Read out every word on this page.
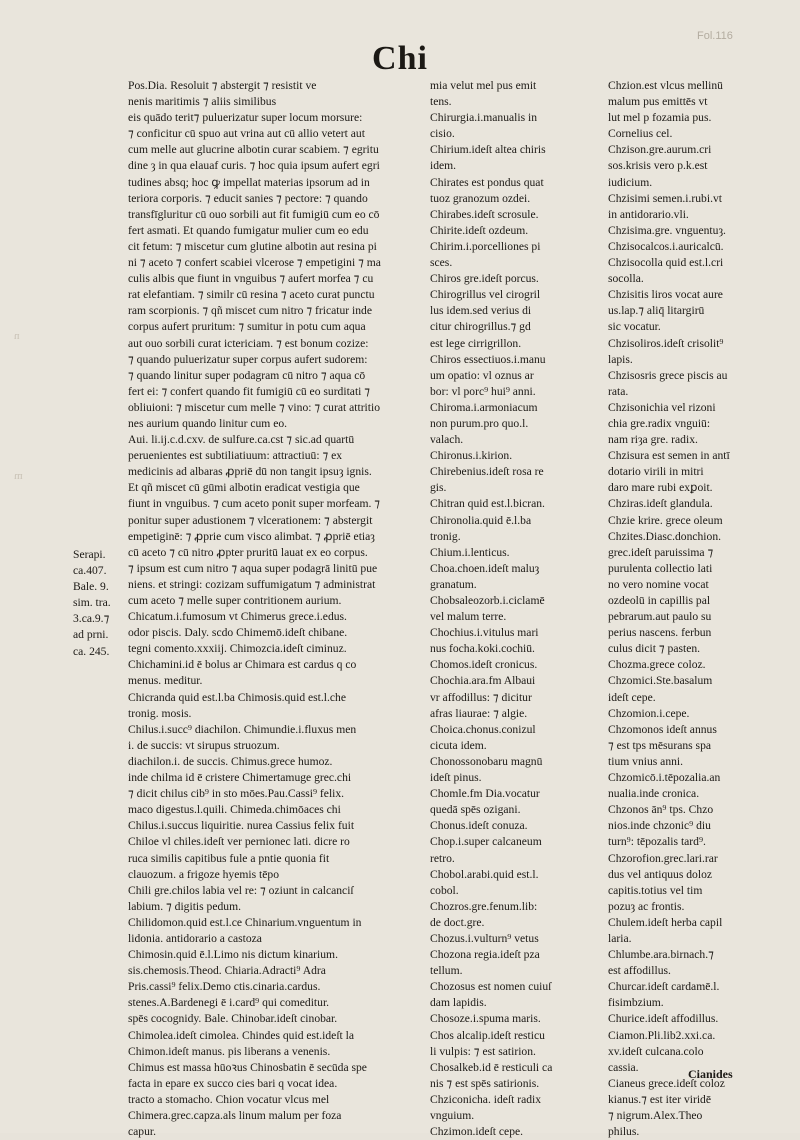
Fol.116
Chi
n
m
Pos.Dia. Resoluit ⁊ abstergit ⁊ resistit ve
nenis maritimis ⁊ aliis similibus
eis quādo terit⁊ puluerizatur super locum morsure:
⁊ conficitur cū spuo aut vrina aut cū allio vetert aut
cum melle aut glucrine albotin curar scabiem. ⁊ egritu
dine ȝ in qua elauaf curis. ⁊ hoc quia ipsum aufert egri
tudines absq; hoc ꝙ impellat materias ipsorum ad in
teriora corporis. ⁊ educit sanies ⁊ pectore: ⁊ quando
transfīgluritur cū ouo sorbili aut fit fumigiū cum eo cō
fert asmati. Et quando fumigatur mulier cum eo edu
cit fetum: ⁊ miscetur cum glutine albotin aut resina pi
ni ⁊ aceto ⁊ confert scabiei vlcerose ⁊ empetigini ⁊ ma
culis albis que fiunt in vnguibus ⁊ aufert morfea ⁊ cu
rat elefantiam. ⁊ similr cū resina ⁊ aceto curat punctu
ram scorpionis. ⁊ qñ miscet cum nitro ⁊ fricatur inde
corpus aufert pruritum: ⁊ sumitur in potu cum aqua
aut ouo sorbili curat ictericiam. ⁊ est bonum cozize:
⁊ quando puluerizatur super corpus aufert sudorem:
⁊ quando linitur super podagram cū nitro ⁊ aqua cō
fert ei: ⁊ confert quando fit fumigiū cū eo surditati ⁊
obliuioni: ⁊ miscetur cum melle ⁊ vino: ⁊ curat attritio
nes aurium quando linitur cum eo.
Aui. li.ij.c.d.cxv. de sulfure.ca.cst ⁊ sic.ad quartū
peruenientes est subtiliatiuum: attractiuū: ⁊ ex
medicinis ad albaras ꝓpriē dū non tangit ipsuȝ ignis.
Et qñ miscet cū gūmi albotin eradicat vestigia que
fiunt in vnguibus. ⁊ cum aceto ponit super morfeam. ⁊
ponitur super adustionem ⁊ vlcerationem: ⁊ abstergit
empetiginē: ⁊ ꝓprie cum visco alimbat. ⁊ ꝓpriē etiaȝ
cū aceto ⁊ cū nitro ꝓpter pruritū lauat ex eo corpus.
⁊ ipsum est cum nitro ⁊ aqua super podagrā linitū pue
niens. et stringi: cozizam suffumigatum ⁊ administrat
cum aceto ⁊ melle super contritionem aurium.
Chicatum.i.fumosum vt Chimerus grece.i.edus.
odor piscis. Daly. scdo Chimemō.ideſt chibane.
tegni comento.xxxiij. Chimozcia.ideſt ciminuz.
Chichamini.id ē bolus ar Chimara est cardus q co
menus. meditur.
Chicranda quid est.l.ba Chimosis.quid est.l.che
tronig. mosis.
Chilus.i.succ⁹ diachilon. Chimundie.i.fluxus men
i. de succis: vt sirupus struozum.
diachilon.i. de succis. Chimus.grece humoz.
inde chilma id ē cristere Chimertamuge grec.chi
⁊ dicit chilus cib⁹ in sto mōes.Pau.Cassi⁹ felix.
maco digestus.l.quili. Chimeda.chimōaces chi
Chilus.i.succus liquiritie. nurea Cassius felix fuit
Chiloe vl chiles.ideſt ver pernionec lati. dicre ro
ruca similis capitibus fule a pntie quonia fit
clauozum. a frigoze hyemis tēpo
Chili gre.chilos labia vel re: ⁊ oziunt in calcanciſ
labium. ⁊ digitis pedum.
Chilidomon.quid est.l.ce Chinarium.vnguentum in
lidonia. antidorario a castoza
Chimosin.quid ē.l.Limo nis dictum kinarium.
sis.chemosis.Theod. Chiaria.Adracti⁹ Adra
Pris.cassi⁹ felix.Demo ctis.cinaria.cardus.
stenes.A.Bardenegi ē i.card⁹ qui comeditur.
spēs cocognidy. Bale. Chinobar.ideſt cinobar.
Chimolea.ideſt cimolea. Chindes quid est.ideſt la
Chimon.ideſt manus. pis liberans a venenis.
Chimus est massa hūoꝛus Chinosbatin ē secūda spe
facta in epare ex succo cies bari q vocat idea.
tracto a stomacho. Chion vocatur vlcus mel
Chimera.grec.capza.als linum malum per foza
capur.
mia velut mel pus emit
tens.
Chirurgia.i.manualis in
cisio.
Chirium.ideſt altea chiris
idem.
Chirates est pondus quat
tuoz granozum ozdei.
Chirabes.ideſt scrosule.
Chirite.ideſt ozdeum.
Chirim.i.porcelliones pi
sces.
Chiros gre.ideſt porcus.
Chirogrillus vel cirogril
lus idem.sed verius di
citur chirogrillus.⁊ gd
est lege cirrigrillon.
Chiros essectiuos.i.manu
um opatio: vl oznus ar
bor: vl porc⁹ hui⁹ anni.
Chiroma.i.armoniacum
non purum.pro quo.l.
valach.
Chironus.i.kirion.
Chirebenius.ideſt rosa re
gis.
Chitran quid est.l.bicran.
Chironolia.quid ē.l.ba
tronig.
Chium.i.lenticus.
Choa.choen.ideſt maluȝ
granatum.
Chobsaleozorb.i.ciclamē
vel malum terre.
Chochius.i.vitulus mari
nus focha.koki.cochiū.
Chomos.ideſt cronicus.
Chochia.ara.fm Albaui
vr affodillus: ⁊ dicitur
afras liaurae: ⁊ algie.
Choica.chonus.conizul
cicuta idem.
Chonossonobaru magnū
ideſt pinus.
Chomle.fm Dia.vocatur
quedā spēs ozigani.
Chonus.ideſt conuza.
Chop.i.super calcaneum
retro.
Chobol.arabi.quid est.l.
cobol.
Chozros.gre.fenum.lib:
de doct.gre.
Chozus.i.vulturn⁹ vetus
Chozona regia.ideſt pza
tellum.
Chozosus est nomen cuiuſ
dam lapidis.
Chosoze.i.spuma maris.
Chos alcalip.ideſt resticu
li vulpis: ⁊ est satirion.
Chosalkeb.id ē resticuli ca
nis ⁊ est spēs satirionis.
Chziconicha. ideſt radix
vnguium.
Chzimon.ideſt cepe.
Chzion.est vlcus mellinū
malum pus emittēs vt
lut mel p fozamia pus.
Cornelius cel.
Chzison.gre.aurum.cri
sos.krisis vero p.k.est
iudicium.
Chzisimi semen.i.rubi.vt
in antidorario.vli.
Chzisima.gre. vnguentuȝ.
Chzisocalcos.i.auricalcū.
Chzisocolla quid est.l.cri
socolla.
Chzisitis liros vocat aure
us.lap.⁊ aliq̄ litargirū
sic vocatur.
Chzisoliros.ideſt crisolit⁹
lapis.
Chzisosris grece piscis au
rata.
Chzisonichia vel rizoni
chia gre.radix vnguiū:
nam riȝa gre. radix.
Chzisura est semen in antī
dotario virili in mitri
daro mare rubi exꝑoit.
Chziras.ideſt glandula.
Chzie krire. grece oleum
Chzites.Diasc.donchion.
grec.ideſt paruissima ⁊
purulenta collectio lati
no vero nomine vocat
ozdeolū in capillis pal
pebrarum.aut paulo su
perius nascens. ferbun
culus dicit ⁊ pasten.
Chozma.grece coloz.
Chzomici.Ste.basalum
ideſt cepe.
Chzomion.i.cepe.
Chzomonos ideſt annus
⁊ est tps mēsurans spa
tium vnius anni.
Chzomicō.i.tēpozalia.an
nualia.inde cronica.
Chzonos ān⁹ tps. Chzo
nios.inde chzonic⁹ diu
turn⁹: tēpozalis tard⁹.
Chzorofion.grec.lari.rar
dus vel antiquus doloz
capitis.totius vel tim
pozuȝ ac frontis.
Chulem.ideſt herba capil
laria.
Chlumbe.ara.birnach.⁊
est affodillus.
Churcar.ideſt cardamē.l.
fisimbzium.
Churice.ideſt affodillus.
Ciamon.Pli.lib2.xxi.ca.
xv.ideſt culcana.colo
cassia.
Cianeus grece.ideſt coloz
kianus.⁊ est iter viridē
⁊ nigrum.Alex.Theo
philus.
Serapi.
ca.407.
Bale. 9.
sim. tra.
3.ca.9.⁊
ad prni.
ca. 245.
Cianides
